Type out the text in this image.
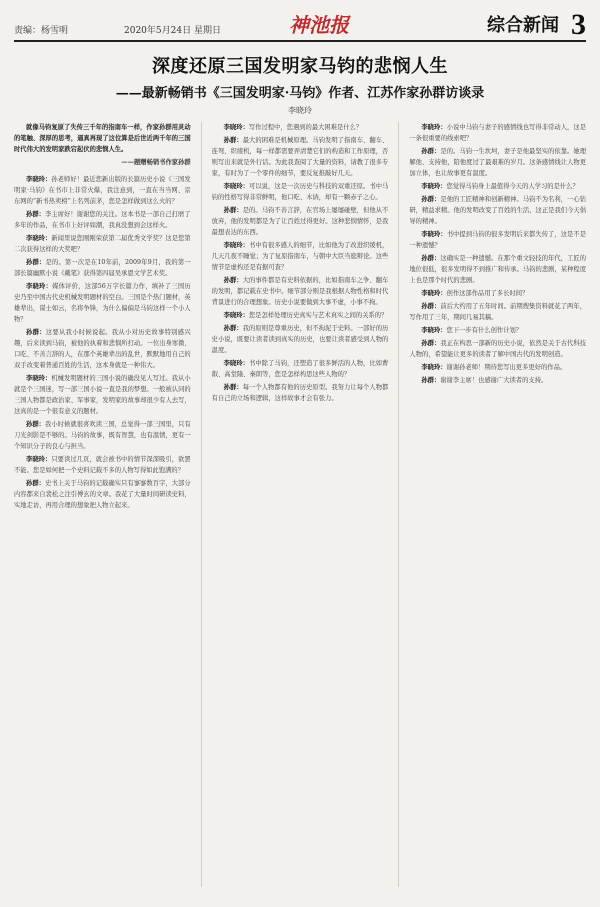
责编：杨雪明	2020年5月24日 星期日	神池报	综合新闻 3
深度还原三国发明家马钧的悲悯人生
——最新畅销书《三国发明家·马钧》作者、江苏作家孙群访谈录
李晓玲

就像马钧复原了失传三千年的指南车一样，作家孙群用灵动的笔触、深厚的思考，逼真再现了这位算是后世近两千年的三国时代伟大的发明家跌宕起伏的悲悯人生。

——题赠畅销书作家孙群

李晓玲：孙老师好！最近您新出版的长篇历史小说《三国发明家·马钧》在书市上非常火爆，我注意到，一直在当当网、京东网的“新书热卖榜”上名列前茅，您是怎样做到这么火的？

孙群：李主席好！谢谢您的关注。这本书是一部自己打磨了多年的作品，在书市上好评如潮，我真没想到会这样火。

李晓玲：新闻里说您刚刚荣获第二届优秀文学奖？这是您第二次获得这样的大奖吧？

孙群：是的。第一次是在10年前，2009年9月，我的第一部长篇幽默小说《戴笔》获得第四届吴承恩文学艺术奖。

李晓玲：媒体评价，这部56万字长篇力作，填补了三国历史乃至中国古代史机械发明题材的空白。三国是个热门题材，英雄辈出，谋士如云，名将争锋，为什么偏偏是马钧这样一个小人物？

孙群：这要从我小时候说起。我从小对历史故事特别感兴趣，后来读到马钧，被他的执着和悲悯所打动。一位出身寒微、口吃、不善言辞的人，在那个英雄辈出的乱世，默默地用自己的双手改变着普通百姓的生活，这本身就是一种伟大。

李晓玲：机械发明题材的三国小说的确没见人写过。我从小就是个三国迷，写一部三国小说一直是我的梦想。一般被认同的三国人物都是政治家、军事家，发明家的故事却很少有人去写，这真的是一个很有意义的题材。

孙群：我小时候就很喜欢读三国，总觉得一部三国里，只有刀光剑影是不够的。马钧的故事，既有智慧，也有温情，更有一个知识分子的良心与担当。

李晓玲：只要读过几页，就会被书中的情节深深吸引，欲罢不能。您是如何把一个史料记载不多的人物写得如此饱满的？

孙群：史书上关于马钧的记载确实只有寥寥数百字，大部分内容都来自裴松之注引傅玄的文章。我花了大量时间研读史料，实地走访，再用合理的想象把人物立起来。

李晓玲：写作过程中，您遇到的最大困难是什么？

孙群：最大的困难是机械原理。马钧发明了指南车、翻车、连弩、织绫机，每一样都需要弄清楚它们的构造和工作原理，否则写出来就是外行话。为此我查阅了大量的资料，请教了很多专家，有时为了一个零件的细节，要反复推敲好几天。

李晓玲：可以说，这是一次历史与科技的双重还原。书中马钧的性格写得非常鲜明，他口吃、木讷，却有一颗赤子之心。

孙群：是的。马钧不善言辞，在官场上屡屡碰壁，但他从不放弃，他的发明都是为了让百姓过得更好。这种悲悯情怀，是我最想表达的东西。

李晓玲：书中有很多感人的细节，比如他为了改进织绫机，几天几夜不睡觉；为了复原指南车，与朝中大臣当庭辩论。这些情节是虚构还是有据可查？

孙群：大的事件都是有史料依据的，比如指南车之争、翻车的发明，都记载在史书中。细节部分则是我根据人物性格和时代背景进行的合理想象。历史小说要做到大事不虚，小事不拘。

李晓玲：您是怎样处理历史真实与艺术真实之间的关系的？

孙群：我的原则是尊重历史，但不拘泥于史料。一部好的历史小说，既要让读者读到真实的历史，也要让读者感受到人物的温度。

李晓玲：书中除了马钧，还塑造了很多鲜活的人物，比如曹叡、高堂隆、秦朗等，您是怎样构思这些人物的？

孙群：每一个人物都有他的历史原型。我努力让每个人物都有自己的立场和逻辑，这样故事才会有张力。

李晓玲：小说中马钧与妻子的感情线也写得非常动人，这是一条很重要的线索吧？

孙群：是的。马钧一生坎坷，妻子是他最坚实的依靠。她理解他、支持他，陪他度过了最艰难的岁月。这条感情线让人物更加立体，也让故事更有温度。

李晓玲：您觉得马钧身上最值得今天的人学习的是什么？

孙群：是他的工匠精神和创新精神。马钧不为名利，一心钻研，精益求精。他的发明改变了百姓的生活，这正是我们今天倡导的精神。

李晓玲：书中提到马钧的很多发明后来都失传了，这是不是一种遗憾？

孙群：这确实是一种遗憾。在那个重文轻技的年代，工匠的地位很低，很多发明得不到推广和传承。马钧的悲剧，某种程度上也是那个时代的悲剧。

李晓玲：创作这部作品用了多长时间？

孙群：前后大约用了五年时间。前期搜集资料就花了两年，写作用了三年，期间几易其稿。

李晓玲：您下一步有什么创作计划？

孙群：我正在构思一部新的历史小说，依然是关于古代科技人物的，希望能让更多的读者了解中国古代的发明创造。

李晓玲：谢谢孙老师！期待您写出更多更好的作品。

孙群：谢谢李主席！也感谢广大读者的支持。
